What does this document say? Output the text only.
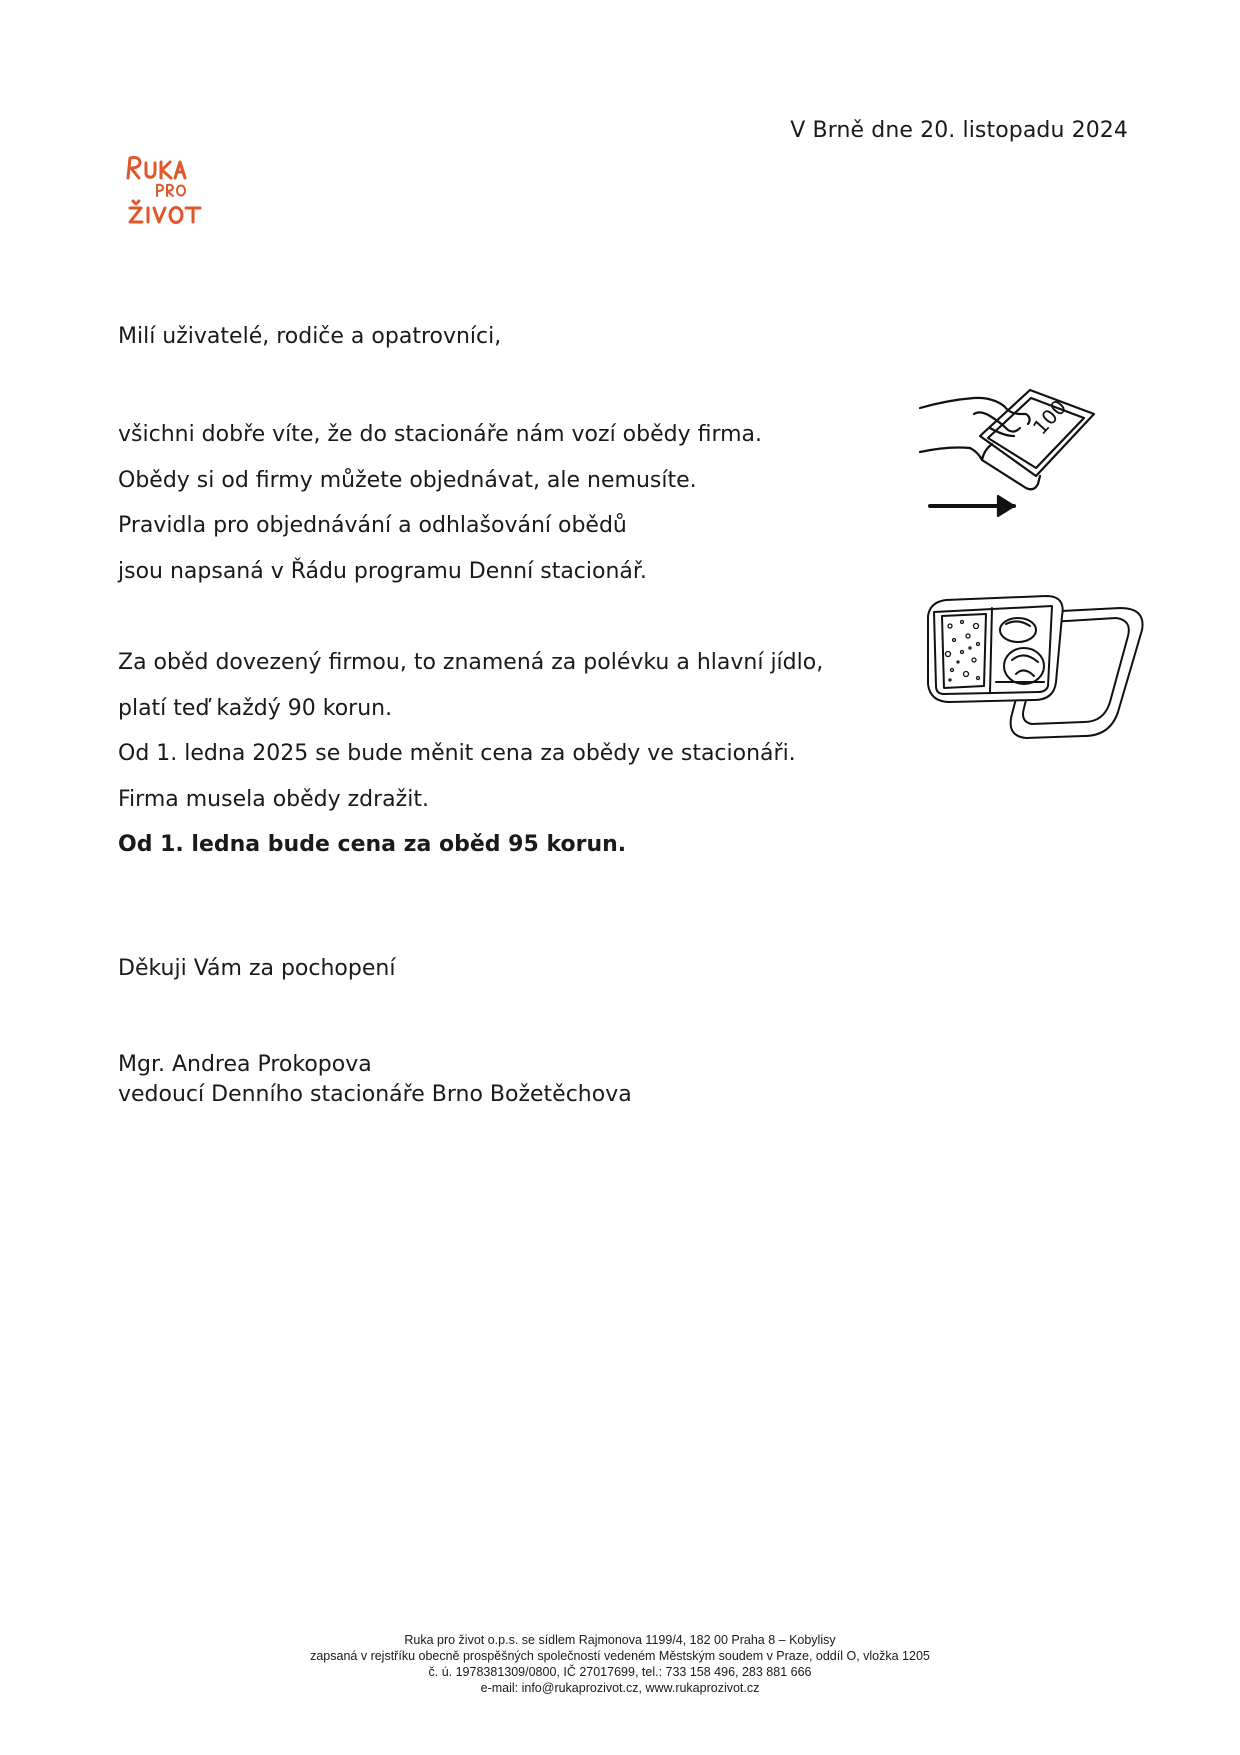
V Brně dne 20. listopadu 2024
Milí uživatelé, rodiče a opatrovníci,
všichni dobře víte, že do stacionáře nám vozí obědy firma.
Obědy si od firmy můžete objednávat, ale nemusíte.
Pravidla pro objednávání a odhlašování obědů
jsou napsaná v Řádu programu Denní stacionář.
Za oběd dovezený firmou, to znamená za polévku a hlavní jídlo,
platí teď každý 90 korun.
Od 1. ledna 2025 se bude měnit cena za obědy ve stacionáři.
Firma musela obědy zdražit.
Od 1. ledna bude cena za oběd 95 korun.
Děkuji Vám za pochopení
Mgr. Andrea Prokopova
vedoucí Denního stacionáře Brno Božetěchova
100
Ruka pro život o.p.s. se sídlem Rajmonova 1199/4, 182 00 Praha 8 – Kobylisy
zapsaná v rejstříku obecně prospěšných společností vedeném Městským soudem v Praze, oddíl O, vložka 1205
č. ú. 1978381309/0800, IČ 27017699, tel.: 733 158 496, 283 881 666
e-mail: info@rukaprozivot.cz, www.rukaprozivot.cz
